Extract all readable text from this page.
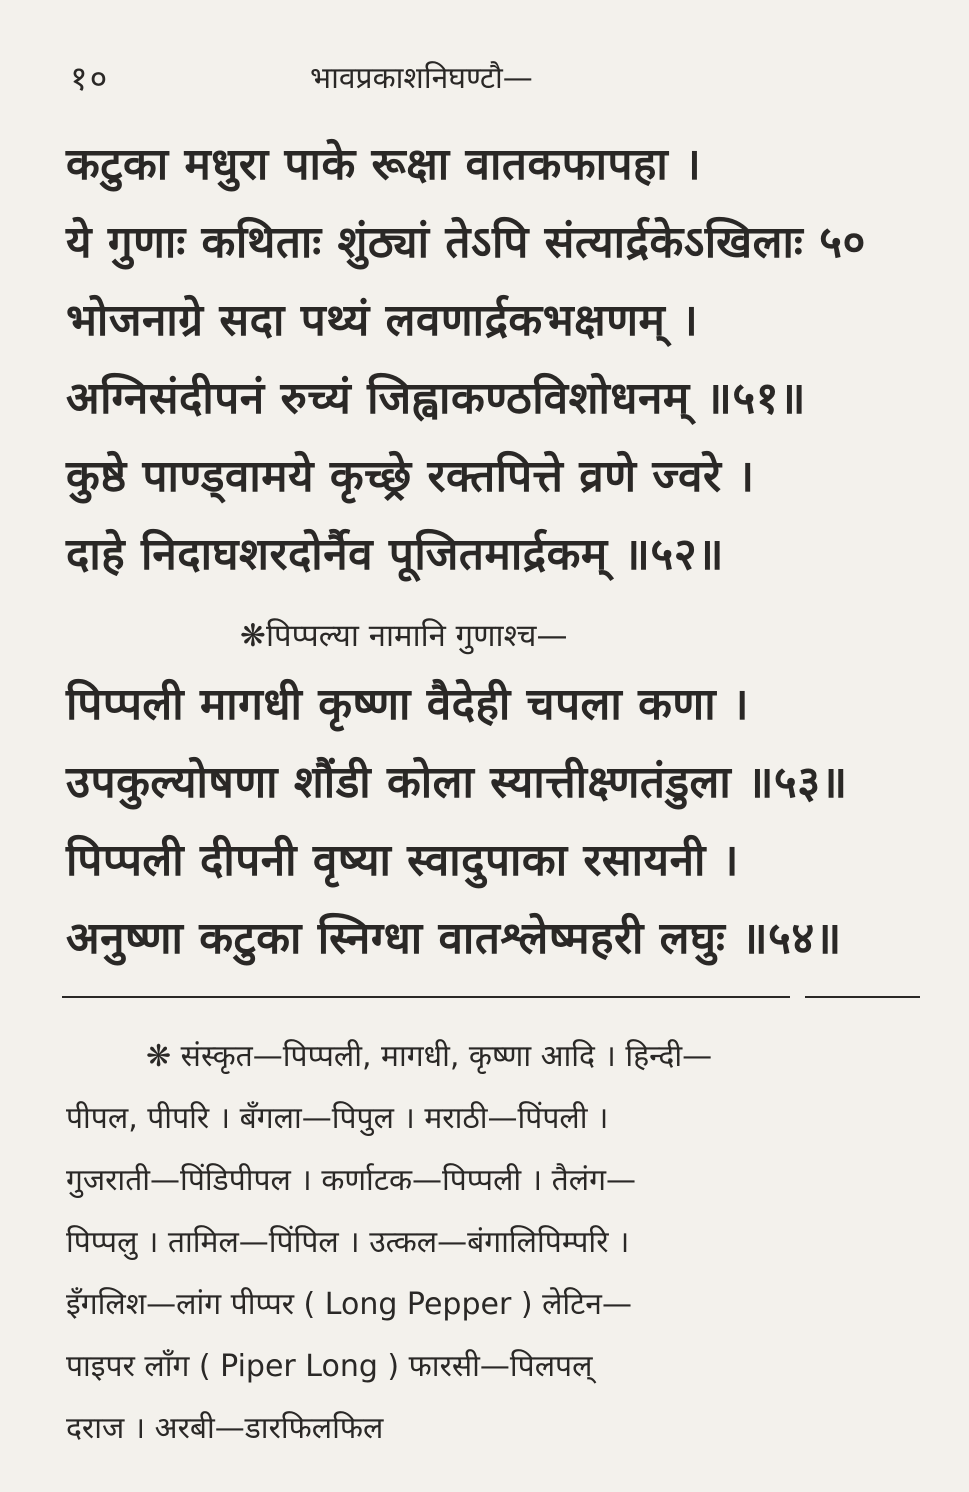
१०	भावप्रकाशनिघण्टौ—
कटुका मधुरा पाके रूक्षा वातकफापहा ।
ये गुणाः कथिताः शुंठ्यां तेऽपि संत्यार्द्रकेऽखिलाः ५०
भोजनाग्रे सदा पथ्यं लवणार्द्रकभक्षणम् ।
अग्निसंदीपनं रुच्यं जिह्वाकण्ठविशोधनम् ॥५१॥
कुष्ठे पाण्ड्वामये कृच्छ्रे रक्तपित्ते व्रणे ज्वरे ।
दाहे निदाघशरदोर्नैव पूजितमार्द्रकम् ॥५२॥
❋पिप्पल्या नामानि गुणाश्च—
पिप्पली मागधी कृष्णा वैदेही चपला कणा ।
उपकुल्योषणा शौंडी कोला स्यात्तीक्ष्णतंडुला ॥५३॥
पिप्पली दीपनी वृष्या स्वादुपाका रसायनी ।
अनुष्णा कटुका स्निग्धा वातश्लेष्महरी लघुः ॥५४॥
❋ संस्कृत—पिप्पली, मागधी, कृष्णा आदि । हिन्दी—
पीपल, पीपरि । बँगला—पिपुल । मराठी—पिंपली ।
गुजराती—पिंडिपीपल । कर्णाटक—पिप्पली । तैलंग—
पिप्पलु । तामिल—पिंपिल । उत्कल—बंगालिपिम्परि ।
इँगलिश—लांग पीप्पर ( Long Pepper ) लेटिन—
पाइपर लाँग ( Piper Long ) फारसी—पिलपल्
दराज । अरबी—डारफिलफिल
